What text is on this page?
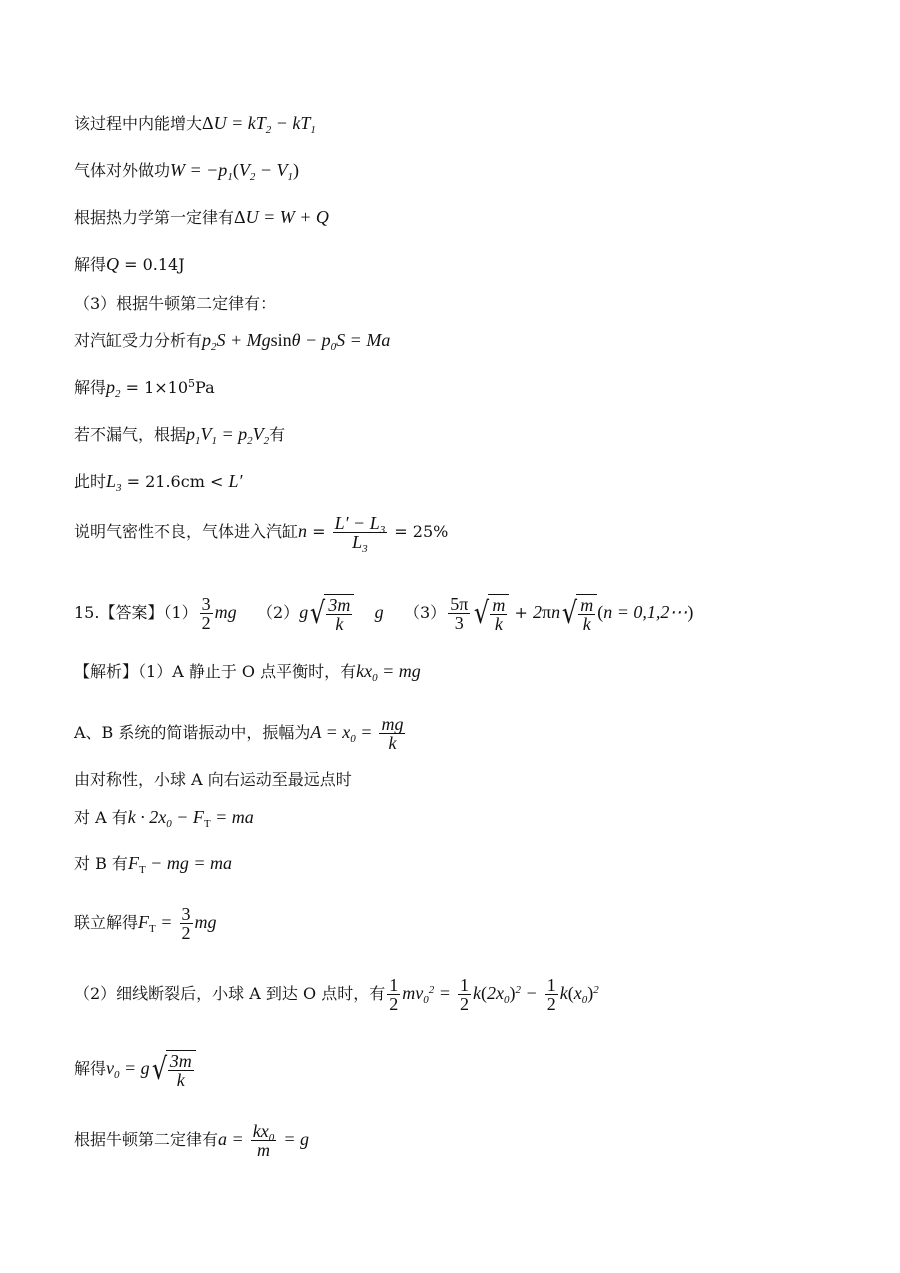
该过程中内能增大$\Delta U = kT_2 - kT_1$
气体对外做功$W = -p_1(V_2 - V_1)$
根据热力学第一定律有ΔU = W + Q
解得Q = 0.14J
（3）根据牛顿第二定律有：
对汽缸受力分析有$p_2S + Mgsin\theta - p_0S = Ma$
解得$p_2 = 1\times 10^5Pa$
若不漏气，根据$p_1V_1 = p_2V_2$有
此时$L_3 = 21.6cm < L'$
说明气密性不良，气体进入汽缸$n = \frac{L' - L_3}{L_3} = 25\%$
15.【答案】$(1) \frac{3}{2}$ mg $(2)g√ \frac{3m}{k}$ g $(3) \frac{5\pi}{3}$ √ $\frac{m}{k} + 2\pi n√ \frac{m}{k} (n$ = 0,1,2⋯)
【解析】（1）A 静止于 O 点平衡时，有$kx_0$ = mg
A、B 系统的简谐振动中，振幅为$A = x_0 = \frac{mg}{k}$
由对称性，小球 A 向右运动至最远点时
对 A 有$k \cdot 2x_0 - F_T$ = ma
对 B 有$F_T$ − mg = ma
联立解得$F_T = \frac{3}{2}$ mg
（2）细线断裂后，小球 A 到达 O 点时，有 $\frac{1}{2} mv_0^2 = \frac{1}{2} k(2x_0)^2 - \frac{1}{2} k(x_0)^2$
解得$v_0 = g√ \frac{3m}{k}$
根据牛顿第二定律有$a = \frac{kx_0}{m} = g$
